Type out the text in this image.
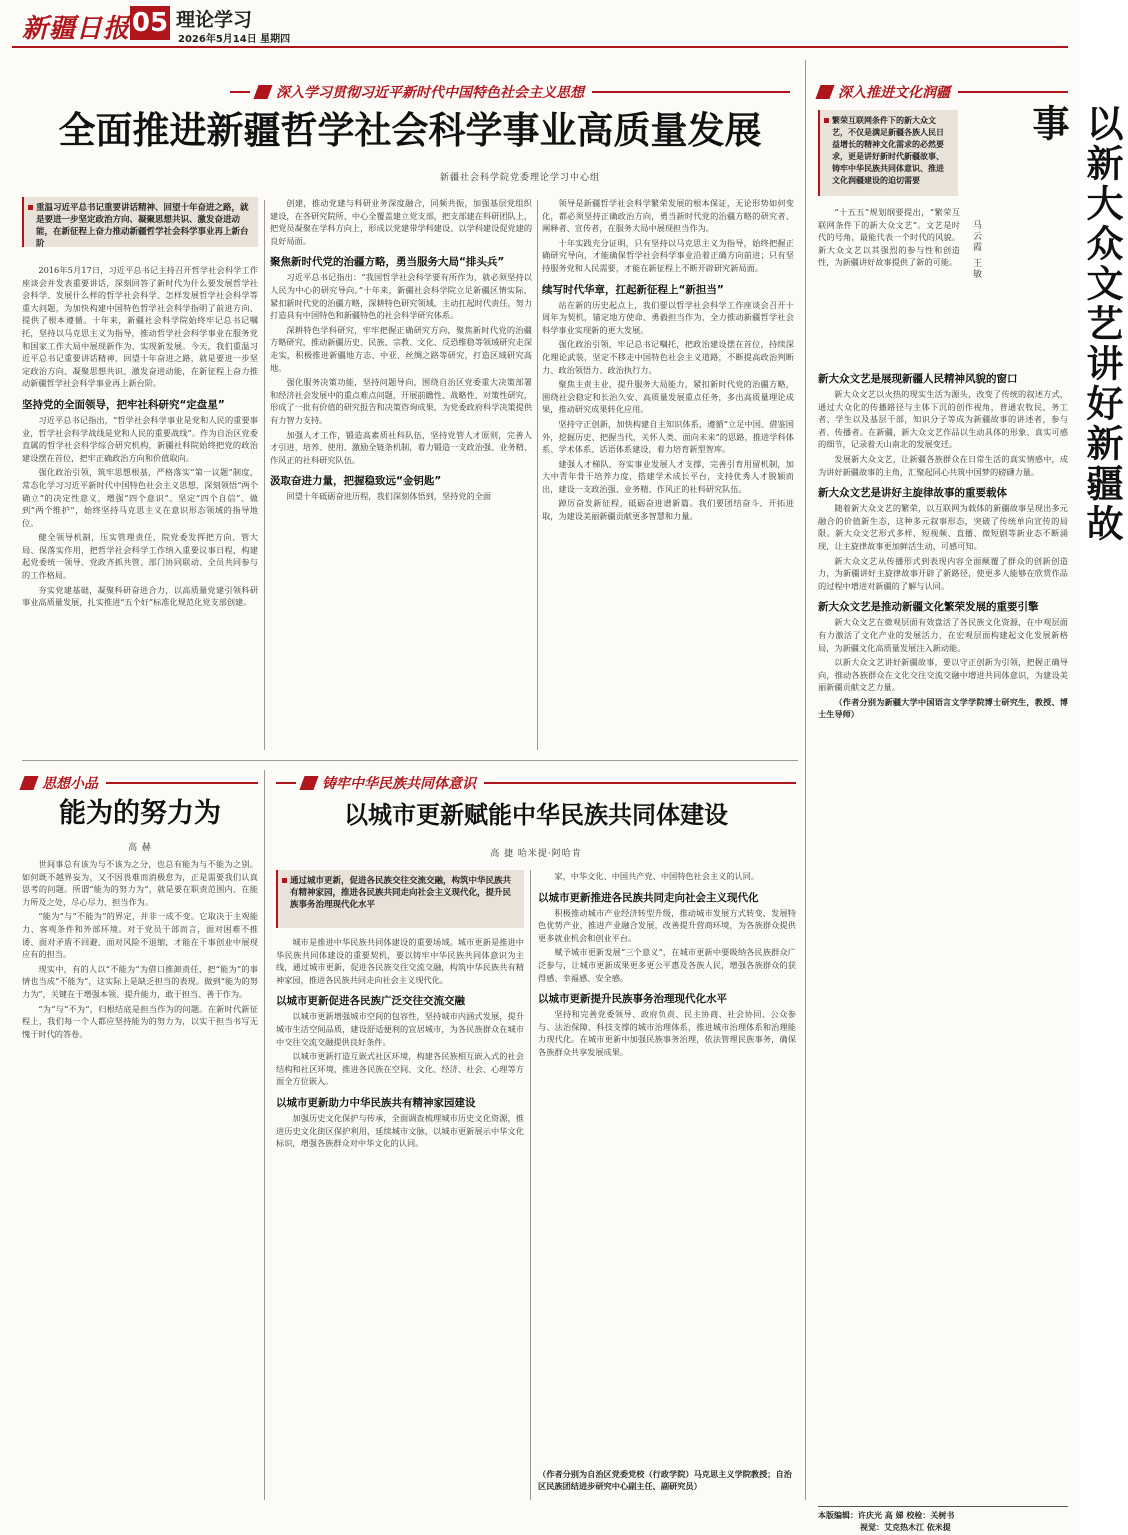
新疆日报 05 理论学习
2026年5月14日 星期四
深入学习贯彻习近平新时代中国特色社会主义思想
全面推进新疆哲学社会科学事业高质量发展
新疆社会科学院党委理论学习中心组
重温习近平总书记重要讲话精神、回望十年奋进之路，就是要进一步坚定政治方向、凝聚思想共识、激发奋进动能，在新征程上奋力推动新疆哲学社会科学事业再上新台阶

2016年5月17日，习近平总书记主持召开哲学社会科学工作座谈会并发表重要讲话，深刻回答了新时代为什么要发展哲学社会科学、发展什么样的哲学社会科学、怎样发展哲学社会科学等重大问题，为加快构建中国特色哲学社会科学指明了前进方向、提供了根本遵循。十年来，新疆社会科学院始终牢记总书记嘱托，坚持以马克思主义为指导，推动哲学社会科学事业在服务党和国家工作大局中展现新作为、实现新发展。今天，我们重温习近平总书记重要讲话精神、回望十年奋进之路，就是要进一步坚定政治方向、凝聚思想共识、激发奋进动能，在新征程上奋力推动新疆哲学社会科学事业再上新台阶。

坚持党的全面领导，把牢社科研究“定盘星”

习近平总书记指出，“哲学社会科学事业是党和人民的重要事业，哲学社会科学战线是党和人民的重要战线”。作为自治区党委直属的哲学社会科学综合研究机构，新疆社科院始终把党的政治建设摆在首位，把牢正确政治方向和价值取向。

强化政治引领，筑牢思想根基，严格落实“第一议题”制度，常态化学习习近平新时代中国特色社会主义思想，深刻领悟“两个确立”的决定性意义，增强“四个意识”、坚定“四个自信”、做到“两个维护”，始终坚持马克思主义在意识形态领域的指导地位。

健全领导机制，压实管理责任，院党委发挥把方向、管大局、保落实作用，把哲学社会科学工作纳入重要议事日程，构建起党委统一领导、党政齐抓共管、部门协同联动、全员共同参与的工作格局。

夯实党建基础，凝聚科研奋进合力，以高质量党建引领科研事业高质量发展，扎实推进“五个好”标准化规范化党支部创建。

创建，推动党建与科研业务深度融合，同频共振，加强基层党组织建设，在各研究院所、中心全覆盖建立党支部，把支部建在科研团队上，把党员凝聚在学科方向上，形成以党建带学科建设、以学科建设促党建的良好局面。

聚焦新时代党的治疆方略，勇当服务大局“排头兵”

习近平总书记指出：“我国哲学社会科学要有所作为，就必须坚持以人民为中心的研究导向。”十年来，新疆社会科学院立足新疆区情实际，紧扣新时代党的治疆方略，深耕特色研究领域，主动扛起时代责任，努力打造具有中国特色和新疆特色的社会科学研究体系。

深耕特色学科研究，牢牢把握正确研究方向，聚焦新时代党的治疆方略研究，推动新疆历史、民族、宗教、文化、反恐维稳等领域研究走深走实，积极推进新疆地方志、中亚、丝绸之路等研究，打造区域研究高地。

强化服务决策功能，坚持问题导向，围绕自治区党委重大决策部署和经济社会发展中的重点难点问题，开展前瞻性、战略性、对策性研究，形成了一批有价值的研究报告和决策咨询成果，为党委政府科学决策提供有力智力支持。

加强人才工作，锻造高素质社科队伍，坚持党管人才原则，完善人才引进、培养、使用、激励全链条机制，着力锻造一支政治强、业务精、作风正的社科研究队伍。

汲取奋进力量，把握稳致远“金钥匙”

回望十年砥砺奋进历程，我们深刻体悟到，坚持党的全面

领导是新疆哲学社会科学繁荣发展的根本保证，无论形势如何变化，都必须坚持正确政治方向，勇当新时代党的治疆方略的研究者、阐释者、宣传者，在服务大局中展现担当作为。

十年实践充分证明，只有坚持以马克思主义为指导，始终把握正确研究导向，才能确保哲学社会科学事业沿着正确方向前进；只有坚持服务党和人民需要，才能在新征程上不断开辟研究新局面。

续写时代华章，扛起新征程上“新担当”

站在新的历史起点上，我们要以哲学社会科学工作座谈会召开十周年为契机，锚定地方使命、勇毅担当作为，全力推动新疆哲学社会科学事业实现新的更大发展。

强化政治引领，牢记总书记嘱托，把政治建设摆在首位，持续深化理论武装，坚定不移走中国特色社会主义道路，不断提高政治判断力、政治领悟力、政治执行力。

聚焦主责主业，提升服务大局能力，紧扣新时代党的治疆方略，围绕社会稳定和长治久安、高质量发展重点任务，多出高质量理论成果，推动研究成果转化应用。

坚持守正创新，加快构建自主知识体系，遵循“立足中国、借鉴国外，挖掘历史、把握当代，关怀人类、面向未来”的思路，推进学科体系、学术体系、话语体系建设，着力培育新型智库。

建强人才梯队，夯实事业发展人才支撑，完善引育用留机制，加大中青年骨干培养力度，搭建学术成长平台，支持优秀人才脱颖而出，建设一支政治强、业务精、作风正的社科研究队伍。

踔厉奋发新征程，砥砺奋进谱新篇。我们要团结奋斗、开拓进取，为建设美丽新疆贡献更多智慧和力量。

深入推进文化润疆
繁荣互联网条件下的新大众文艺，不仅是满足新疆各族人民日益增长的精神文化需求的必然要求，更是讲好新时代新疆故事、铸牢中华民族共同体意识、推进文化润疆建设的迫切需要	以新大众文艺讲好新疆故事
马云霞 王敏

“十五五”规划纲要提出，“繁荣互联网条件下的新大众文艺”。文艺是时代的号角，最能代表一个时代的风貌。新大众文艺以其强烈的参与性和创造性，为新疆讲好故事提供了新的可能。

新大众文艺是展现新疆人民精神风貌的窗口

新大众文艺以火热的现实生活为源头，改变了传统的叙述方式，通过大众化的传播路径与主体下沉的创作视角，普通农牧民、务工者、学生以及基层干部，知识分子等成为新疆故事的讲述者，参与者、传播者。在新疆，新大众文艺作品以生动具体的形象、真实可感的细节，记录着天山南北的发展变迁。

发展新大众文艺，让新疆各族群众在日常生活的真实情感中，成为讲好新疆故事的主角，汇聚起同心共筑中国梦的磅礴力量。

新大众文艺是讲好主旋律故事的重要载体

随着新大众文艺的繁荣，以互联网为载体的新疆故事呈现出多元融合的价值新生态，这种多元叙事形态，突破了传统单向宣传的局限。新大众文艺形式多样，短视频、直播、微短剧等新业态不断涌现，让主旋律故事更加鲜活生动、可感可知。

新大众文艺从传播形式到表现内容全面颠覆了群众的创新创造力，为新疆讲好主旋律故事开辟了新路径，使更多人能够在欣赏作品的过程中增进对新疆的了解与认同。

新大众文艺是推动新疆文化繁荣发展的重要引擎

新大众文艺在微观层面有效盘活了各民族文化资源，在中观层面有力激活了文化产业的发展活力，在宏观层面构建起文化发展新格局，为新疆文化高质量发展注入新动能。

以新大众文艺讲好新疆故事，要以守正创新为引领，把握正确导向，推动各族群众在文化交往交流交融中增进共同体意识，为建设美丽新疆贡献文艺力量。

（作者分别为新疆大学中国语言文学学院博士研究生，教授、博士生导师）

思想小品
能为的努力为
高 赫

世间事总有该为与不该为之分，也总有能为与不能为之别。如何既不越界妄为，又不因畏难而消极怠为，正是需要我们认真思考的问题。所谓“能为的努力为”，就是要在职责范围内、在能力所及之处，尽心尽力、担当作为。

“能为”与“不能为”的界定，并非一成不变。它取决于主观能力、客观条件和外部环境。对于党员干部而言，面对困难不推诿、面对矛盾不回避、面对风险不退缩，才能在干事创业中展现应有的担当。

现实中，有的人以“不能为”为借口推卸责任，把“能为”的事情也当成“不能为”，这实际上是缺乏担当的表现。做到“能为的努力为”，关键在于增强本领、提升能力，敢于担当、善于作为。

“为”与“不为”，归根结底是担当作为的问题。在新时代新征程上，我们每一个人都应坚持能为的努力为，以实干担当书写无愧于时代的答卷。

铸牢中华民族共同体意识
以城市更新赋能中华民族共同体建设
高 捷 哈米提·阿哈肯
通过城市更新，促进各民族交往交流交融，构筑中华民族共有精神家园，推进各民族共同走向社会主义现代化，提升民族事务治理现代化水平

城市是推进中华民族共同体建设的重要场域。城市更新是推进中华民族共同体建设的重要契机，要以铸牢中华民族共同体意识为主线，通过城市更新，促进各民族交往交流交融，构筑中华民族共有精神家园，推进各民族共同走向社会主义现代化。

以城市更新促进各民族广泛交往交流交融

以城市更新增强城市空间的包容性，坚持城市内涵式发展，提升城市生活空间品质，建设舒适便利的宜居城市，为各民族群众在城市中交往交流交融提供良好条件。

以城市更新打造互嵌式社区环境，构建各民族相互嵌入式的社会结构和社区环境，推进各民族在空间、文化、经济、社会、心理等方面全方位嵌入。

以城市更新助力中华民族共有精神家园建设

加强历史文化保护与传承，全面调查梳理城市历史文化资源，推进历史文化街区保护利用，延续城市文脉，以城市更新展示中华文化标识，增强各族群众对中华文化的认同。

家，中华文化、中国共产党、中国特色社会主义的认同。

以城市更新推进各民族共同走向社会主义现代化

积极推动城市产业经济转型升级，推动城市发展方式转变，发展特色优势产业，推进产业融合发展，改善提升营商环境，为各族群众提供更多就业机会和创业平台。

赋予城市更新发展“三个意义”，在城市更新中要吸纳各民族群众广泛参与，让城市更新成果更多更公平惠及各族人民，增强各族群众的获得感、幸福感、安全感。

以城市更新提升民族事务治理现代化水平

坚持和完善党委领导、政府负责、民主协商、社会协同、公众参与、法治保障、科技支撑的城市治理体系，推进城市治理体系和治理能力现代化。在城市更新中加强民族事务治理，依法管理民族事务，确保各族群众共享发展成果。

（作者分别为自治区党委党校（行政学院）马克思主义学院教授；自治区民族团结进步研究中心副主任、副研究员）
本版编辑：许庆光 高 娣 校检：关树书
视觉：艾克热木江 依米提
